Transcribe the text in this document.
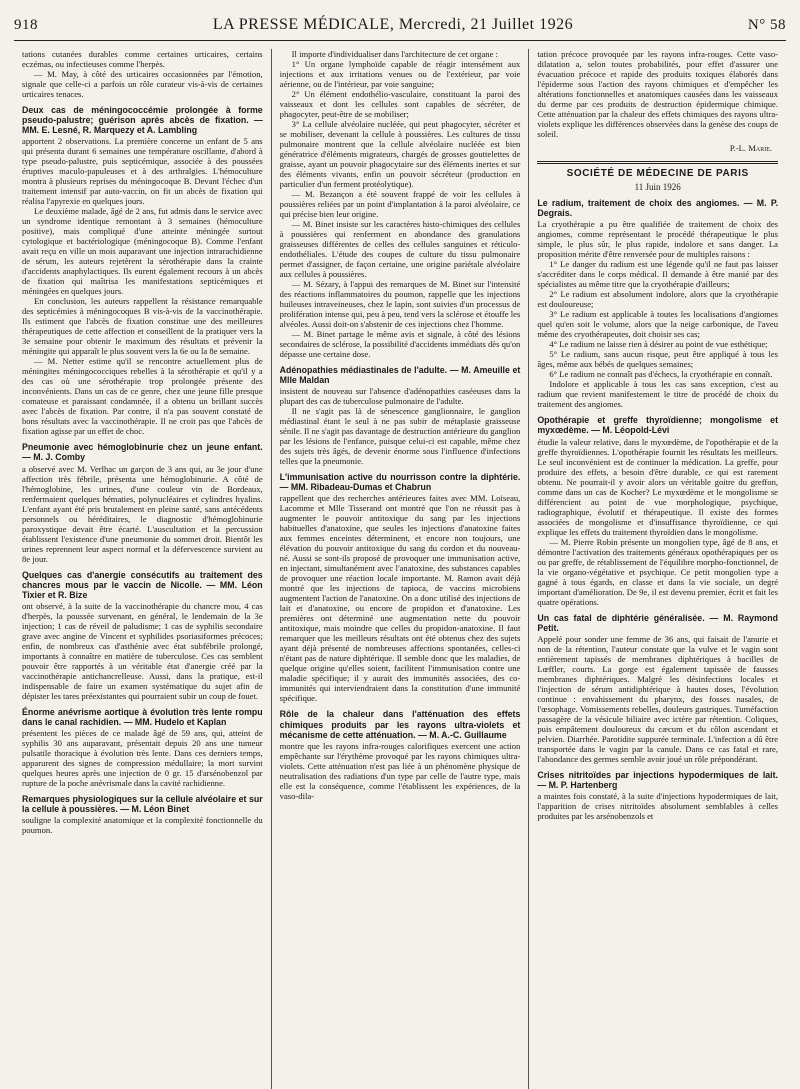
918	LA PRESSE MÉDICALE, Mercredi, 21 Juillet 1926	N° 58

tations cutanées durables comme certaines urticaires, certains eczémas, ou infectieuses comme l'herpès.

— M. May, à côté des urticaires occasionnées par l'émotion, signale que celle-ci a parfois un rôle curateur vis-à-vis de certaines urticaires tenaces.

Deux cas de méningococcémie prolongée à forme pseudo-palustre; guérison après abcès de fixation. — MM. E. Lesné, R. Marquezy et A. Lambling

apportent 2 observations. La première concerne un enfant de 5 ans qui présenta durant 6 semaines une température oscillante, d'abord à type pseudo-palustre, puis septicémique, associée à des poussées éruptives maculo-papuleuses et à des arthralgies. L'hémoculture montra à plusieurs reprises du méningocoque B. Devant l'échec d'un traitement intensif par auto-vaccin, on fit un abcès de fixation qui réalisa l'apyrexie en quelques jours.

Le deuxième malade, âgé de 2 ans, fut admis dans le service avec un syndrome identique remontant à 3 semaines (hémoculture positive), mais compliqué d'une atteinte méningée surtout cytologique et bactériologique (méningocoque B). Comme l'enfant avait reçu en ville un mois auparavant une injection intrarachidienne de sérum, les auteurs rejetèrent la sérothérapie dans la crainte d'accidents anaphylactiques. Ils eurent également recours à un abcès de fixation qui maîtrisa les manifestations septicémiques et méningées en quelques jours.

En conclusion, les auteurs rappellent la résistance remarquable des septicémies à méningocoques B vis-à-vis de la vaccinothérapie. Ils estiment que l'abcès de fixation constitue une des meilleures thérapeutiques de cette affection et conseillent de la pratiquer vers la 3e semaine pour obtenir le maximum des résultats et prévenir la méningite qui apparaît le plus souvent vers la 6e ou la 8e semaine.

— M. Netter estime qu'il se rencontre actuellement plus de méningites méningococciques rebelles à la sérothérapie et qu'il y a des cas où une sérothérapie trop prolongée présente des inconvénients. Dans un cas de ce genre, chez une jeune fille presque comateuse et paraissant condamnée, il a obtenu un brillant succès avec l'abcès de fixation. Par contre, il n'a pas souvent constaté de bons résultats avec la vaccinothérapie. Il ne croit pas que l'abcès de fixation agisse par un effet de choc.

Pneumonie avec hémoglobinurie chez un jeune enfant. — M. J. Comby

a observé avec M. Verlhac un garçon de 3 ans qui, au 3e jour d'une affection très fébrile, présenta une hémoglobinurie. A côté de l'hémoglobine, les urines, d'une couleur vin de Bordeaux, renfermaient quelques hématies, polynucléaires et cylindres hyalins. L'enfant ayant été pris brutalement en pleine santé, sans antécédents personnels ou héréditaires, le diagnostic d'hémoglobinurie paroxystique devait être écarté. L'auscultation et la percussion établissent l'existence d'une pneumonie du sommet droit. Bientôt les urines reprennent leur aspect normal et la défervescence survient au 8e jour.

Quelques cas d'anergie consécutifs au traitement des chancres mous par le vaccin de Nicolle. — MM. Léon Tixier et R. Bize

ont observé, à la suite de la vaccinothérapie du chancre mou, 4 cas d'herpès, la poussée survenant, en général, le lendemain de la 3e injection; 1 cas de réveil de paludisme; 1 cas de syphilis secondaire grave avec angine de Vincent et syphilides psoriasiformes précoces; enfin, de nombreux cas d'asthénie avec état subfébrile prolongé, importants à connaître en matière de tuberculose. Ces cas semblent pouvoir être rapportés à un véritable état d'anergie créé par la vaccinothérapie antichancrelleuse. Aussi, dans la pratique, est-il indispensable de faire un examen systématique du sujet afin de dépister les tares préexistantes qui pourraient subir un coup de fouet.

Énorme anévrisme aortique à évolution très lente rompu dans le canal rachidien. — MM. Hudelo et Kaplan

présentent les pièces de ce malade âgé de 59 ans, qui, atteint de syphilis 30 ans auparavant, présentait depuis 20 ans une tumeur pulsatile thoracique à évolution très lente. Dans ces derniers temps, apparurent des signes de compression médullaire; la mort survint quelques heures après une injection de 0 gr. 15 d'arsénobenzol par rupture de la poche anévrismale dans la cavité rachidienne.

Remarques physiologiques sur la cellule alvéolaire et sur la cellule à poussières. — M. Léon Binet

souligne la complexité anatomique et la complexité fonctionnelle du poumon.

Il importe d'individualiser dans l'architecture de cet organe :

1° Un organe lymphoïde capable de réagir intensément aux injections et aux irritations venues ou de l'extérieur, par voie aérienne, ou de l'intérieur, par voie sanguine;

2° Un élément endothélio-vasculaire, constituant la paroi des vaisseaux et dont les cellules sont capables de sécréter, de phagocyter, peut-être de se mobiliser;

3° La cellule alvéolaire nucléée, qui peut phagocyter, sécréter et se mobiliser, devenant la cellule à poussières. Les cultures de tissu pulmonaire montrent que la cellule alvéolaire nucléée est bien génératrice d'éléments migrateurs, chargés de grosses gouttelettes de graisse, ayant un pouvoir phagocytaire sur des éléments inertes et sur des éléments vivants, enfin un pouvoir sécréteur (production en particulier d'un ferment protéolytique).

— M. Bezançon a été souvent frappé de voir les cellules à poussières reliées par un point d'implantation à la paroi alvéolaire, ce qui précise bien leur origine.

— M. Binet insiste sur les caractères histo-chimiques des cellules à poussières qui renferment en abondance des granulations graisseuses différentes de celles des cellules sanguines et réticulo-endothéliales. L'étude des coupes de culture du tissu pulmonaire permet d'assigner, de façon certaine, une origine pariétale alvéolaire aux cellules à poussières.

— M. Sézary, à l'appui des remarques de M. Binet sur l'intensité des réactions inflammatoires du poumon, rappelle que les injections huileuses intraveineuses, chez le lapin, sont suivies d'un processus de prolifération intense qui, peu à peu, tend vers la sclérose et étouffe les alvéoles. Aussi doit-on s'abstenir de ces injections chez l'homme.

— M. Binet partage le même avis et signale, à côté des lésions secondaires de sclérose, la possibilité d'accidents immédiats dès qu'on dépasse une certaine dose.

Adénopathies médiastinales de l'adulte. — M. Ameuille et Mlle Maldan

insistent de nouveau sur l'absence d'adénopathies caséeuses dans la plupart des cas de tuberculose pulmonaire de l'adulte.

Il ne s'agit pas là de sénescence ganglionnaire, le ganglion médiastinal étant le seul à ne pas subir de métaplasie graisseuse sénile. Il ne s'agit pas davantage de destruction antérieure du ganglion par les lésions de l'enfance, puisque celui-ci est capable, même chez des sujets très âgés, de devenir énorme sous l'influence d'infections telles que la pneumonie.

L'immunisation active du nourrisson contre la diphtérie. — MM. Ribadeau-Dumas et Chabrun

rappellent que des recherches antérieures faites avec MM. Loiseau, Lacomme et Mlle Tisserand ont montré que l'on ne réussit pas à augmenter le pouvoir antitoxique du sang par les injections habituelles d'anatoxine, que seules les injections d'anatoxine faites aux femmes enceintes déterminent, et encore non toujours, une élévation du pouvoir antitoxique du sang du cordon et du nouveau-né. Aussi se sont-ils proposé de provoquer une immunisation active, en injectant, simultanément avec l'anatoxine, des substances capables de provoquer une réaction locale importante. M. Ramon avait déjà montré que les injections de tapioca, de vaccins microbiens augmentent l'action de l'anatoxine. On a donc utilisé des injections de lait et d'anatoxine, ou encore de propidon et d'anatoxine. Les premières ont déterminé une augmentation nette du pouvoir antitoxique, mais moindre que celles du propidon-anatoxine. Il faut remarquer que les meilleurs résultats ont été obtenus chez des sujets ayant déjà présenté de nombreuses affections spontanées, celles-ci n'étant pas de nature diphtérique. Il semble donc que les maladies, de quelque origine qu'elles soient, facilitent l'immunisation contre une maladie spécifique; il y aurait des immunités associées, des co-immunités qui interviendraient dans la constitution d'une immunité spécifique.

Rôle de la chaleur dans l'atténuation des effets chimiques produits par les rayons ultra-violets et mécanisme de cette atténuation. — M. A.-C. Guillaume

montre que les rayons infra-rouges calorifiques exercent une action empêchante sur l'érythème provoqué par les rayons chimiques ultra-violets. Cette atténuation n'est pas liée à un phénomène physique de neutralisation des radiations d'un type par celle de l'autre type, mais elle est la conséquence, comme l'établissent les expériences, de la vaso-dila-

tation précoce provoquée par les rayons infra-rouges. Cette vaso-dilatation a, selon toutes probabilités, pour effet d'assurer une évacuation précoce et rapide des produits toxiques élaborés dans l'épiderme sous l'action des rayons chimiques et d'empêcher les altérations fonctionnelles et anatomiques causées dans les vaisseaux du derme par ces produits de destruction épidermique chimique. Cette atténuation par la chaleur des effets chimiques des rayons ultra-violets explique les différences observées dans la genèse des coups de soleil.

P.-L. Marie.
SOCIÉTÉ DE MÉDECINE DE PARIS
11 Juin 1926
Le radium, traitement de choix des angiomes. — M. P. Degrais.

La cryothérapie a pu être qualifiée de traitement de choix des angiomes, comme représentant le procédé thérapeutique le plus simple, le plus sûr, le plus rapide, indolore et sans danger. La proposition mérite d'être renversée pour de multiples raisons :

1° Le danger du radium est une légende qu'il ne faut pas laisser s'accréditer dans le corps médical. Il demande à être manié par des spécialistes au même titre que la cryothérapie d'ailleurs;

2° Le radium est absolument indolore, alors que la cryothérapie est douloureuse;

3° Le radium est applicable à toutes les localisations d'angiomes quel qu'en soit le volume, alors que la neige carbonique, de l'aveu même des cryothérapeutes, doit choisir ses cas;

4° Le radium ne laisse rien à désirer au point de vue esthétique;

5° Le radium, sans aucun risque, peut être appliqué à tous les âges, même aux bébés de quelques semaines;

6° Le radium ne connaît pas d'échecs, la cryothérapie en connaît.

Indolore et applicable à tous les cas sans exception, c'est au radium que revient manifestement le titre de procédé de choix du traitement des angiomes.

Opothérapie et greffe thyroïdienne; mongolisme et myxœdème. — M. Léopold-Lévi

étudie la valeur relative, dans le myxœdème, de l'opothérapie et de la greffe thyroïdiennes. L'opothérapie fournit les résultats les meilleurs. Le seul inconvénient est de continuer la médication. La greffe, pour produire des effets, a besoin d'être durable, ce qui est rarement obtenu. Ne pourrait-il y avoir alors un véritable goitre du greffon, comme dans un cas de Kocher? Le myxœdème et le mongolisme se différencient au point de vue morphologique, psychique, radiographique, évolutif et thérapeutique. Il existe des formes associées de mongolisme et d'insuffisance thyroïdienne, ce qui explique les effets du traitement thyroïdien dans le mongolisme.

— M. Pierre Robin présente un mongolien type, âgé de 8 ans, et démontre l'activation des traitements généraux opothérapiques per os ou par greffe, de rétablissement de l'équilibre morpho-fonctionnel, de la vie organo-végétative et psychique. Ce petit mongolien type a gagné à tous égards, en classe et dans la vie sociale, un degré important d'amélioration. De 9e, il est devenu premier, écrit et fait les quatre opérations.

Un cas fatal de diphtérie généralisée. — M. Raymond Petit.

Appelé pour sonder une femme de 36 ans, qui faisait de l'anurie et non de la rétention, l'auteur constate que la vulve et le vagin sont entièrement tapissés de membranes diphtériques à bacilles de Lœffler, courts. La gorge est également tapissée de fausses membranes diphtériques. Malgré les désinfections locales et l'injection de sérum antidiphtérique à hautes doses, l'évolution continue : envahissement du pharynx, des fosses nasales, de l'œsophage. Vomissements rebelles, douleurs gastriques. Tuméfaction passagère de la vésicule biliaire avec ictère par rétention. Coliques, puis empâtement douloureux du cæcum et du côlon ascendant et pelvien. Diarrhée. Parotidite suppurée terminale. L'infection a dû être transportée dans le vagin par la canule. Dans ce cas fatal et rare, l'abondance des germes semble avoir joué un rôle prépondérant.

Crises nitritoïdes par injections hypodermiques de lait. — M. P. Hartenberg

a maintes fois constaté, à la suite d'injections hypodermiques de lait, l'apparition de crises nitritoïdes absolument semblables à celles produites par les arsénobenzols et
